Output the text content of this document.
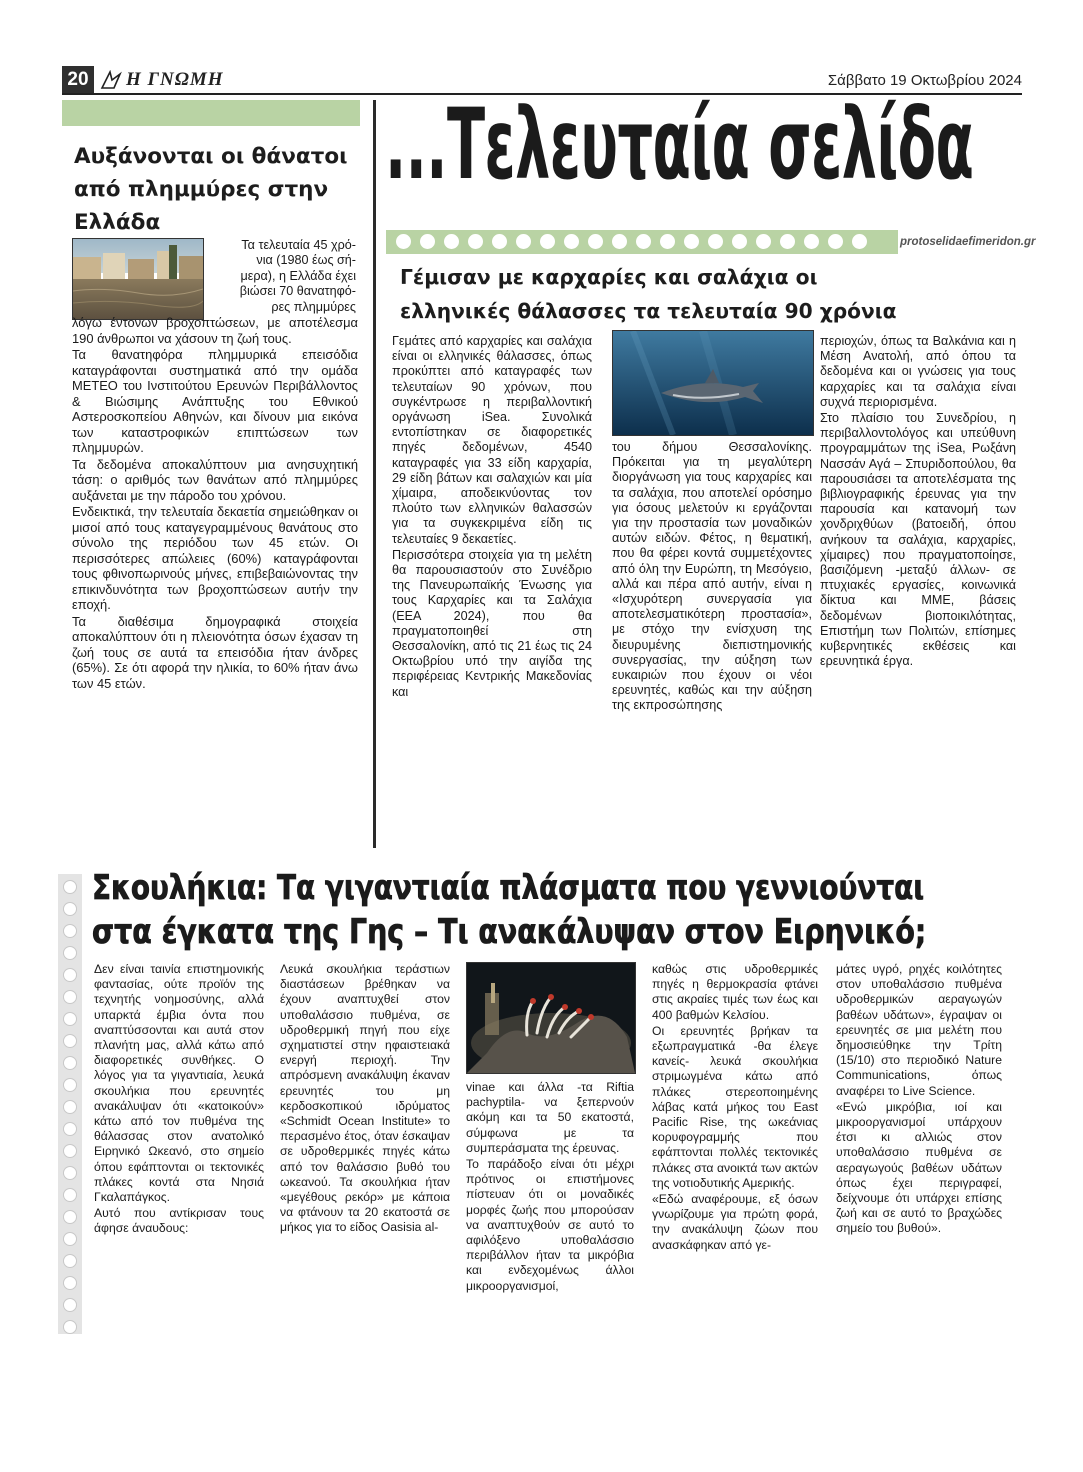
20 Η ΓΝΩΜΗ	Σάββατο 19 Οκτωβρίου 2024
Αυξάνονται οι θάνατοι
από πλημμύρες στην
Ελλάδα
Τα τελευταία 45 χρό-
νια (1980 έως σή-
μερα), η Ελλάδα έχει
βιώσει 70 θανατηφό-
ρες πλημμύρες

λόγω έντονων βροχοπτώσεων, με αποτέλεσμα 190 άνθρωποι να χάσουν τη ζωή τους.

Τα θανατηφόρα πλημμυρικά επεισόδια καταγράφονται συστηματικά από την ομάδα ΜΕΤΕΟ του Ινστιτούτου Ερευνών Περιβάλλοντος & Βιώσιμης Ανάπτυξης του Εθνικού Αστεροσκοπείου Αθηνών, και δίνουν μια εικόνα των καταστροφικών επιπτώσεων των πλημμυρών.

Τα δεδομένα αποκαλύπτουν μια ανησυχητική τάση: ο αριθμός των θανάτων από πλημμύρες αυξάνεται με την πάροδο του χρόνου.

Ενδεικτικά, την τελευταία δεκαετία σημειώθηκαν οι μισοί από τους καταγεγραμμένους θανάτους στο σύνολο της περιόδου των 45 ετών. Οι περισσότερες απώλειες (60%) καταγράφονται τους φθινοπωρινούς μήνες, επιβεβαιώνοντας την επικινδυνότητα των βροχοπτώσεων αυτήν την εποχή.

Τα διαθέσιμα δημογραφικά στοιχεία αποκαλύπτουν ότι η πλειονότητα όσων έχασαν τη ζωή τους σε αυτά τα επεισόδια ήταν άνδρες (65%). Σε ότι αφορά την ηλικία, το 60% ήταν άνω των 45 ετών.

...Τελευταία σελίδα
protoselidaefimeridon.gr
Γέμισαν με καρχαρίες και σαλάχια οι
ελληνικές θάλασσες τα τελευταία 90 χρόνια

Γεμάτες από καρχαρίες και σαλάχια είναι οι ελληνικές θάλασσες, όπως προκύπτει από καταγραφές των τελευταίων 90 χρόνων, που συγκέντρωσε η περιβαλλοντική οργάνωση iSea. Συνολικά εντοπίστηκαν σε διαφορετικές πηγές δεδομένων, 4540 καταγραφές για 33 είδη καρχαρία, 29 είδη βάτων και σαλαχιών και μία χίμαιρα, αποδεικνύοντας τον πλούτο των ελληνικών θαλασσών για τα συγκεκριμένα είδη τις τελευταίες 9 δεκαετίες.

Περισσότερα στοιχεία για τη μελέτη θα παρουσιαστούν στο Συνέδριο της Πανευρωπαϊκής Ένωσης για τους Καρχαρίες και τα Σαλάχια (EEA 2024), που θα πραγματοποιηθεί στη Θεσσαλονίκη, από τις 21 έως τις 24 Οκτωβρίου υπό την αιγίδα της περιφέρειας Κεντρικής Μακεδονίας και

του δήμου Θεσσαλονίκης. Πρόκειται για τη μεγαλύτερη διοργάνωση για τους καρχαρίες και τα σαλάχια, που αποτελεί ορόσημο για όσους μελετούν κι εργάζονται για την προστασία των μοναδικών αυτών ειδών. Φέτος, η θεματική, που θα φέρει κοντά συμμετέχοντες από όλη την Ευρώπη, τη Μεσόγειο, αλλά και πέρα από αυτήν, είναι η «Ισχυρότερη συνεργασία για αποτελεσματικότερη προστασία», με στόχο την ενίσχυση της διευρυμένης διεπιστημονικής συνεργασίας, την αύξηση των ευκαιριών που έχουν οι νέοι ερευνητές, καθώς και την αύξηση της εκπροσώπησης

περιοχών, όπως τα Βαλκάνια και η Μέση Ανατολή, από όπου τα δεδομένα και οι γνώσεις για τους καρχαρίες και τα σαλάχια είναι συχνά περιορισμένα.

Στο πλαίσιο του Συνεδρίου, η περιβαλλοντολόγος και υπεύθυνη προγραμμάτων της iSea, Ρωξάνη Νασσάν Αγά – Σπυριδοπούλου, θα παρουσιάσει τα αποτελέσματα της βιβλιογραφικής έρευνας για την παρουσία και κατανομή των χονδριχθύων (βατοειδή, όπου ανήκουν τα σαλάχια, καρχαρίες, χίμαιρες) που πραγματοποίησε, βασιζόμενη -μεταξύ άλλων- σε πτυχιακές εργασίες, κοινωνικά δίκτυα και ΜΜΕ, βάσεις δεδομένων βιοποικιλότητας, Επιστήμη των Πολιτών, επίσημες κυβερνητικές εκθέσεις και ερευνητικά έργα.

Σκουλήκια: Τα γιγαντιαία πλάσματα που γεννιούνται
στα έγκατα της Γης – Τι ανακάλυψαν στον Ειρηνικό;

Δεν είναι ταινία επιστημονικής φαντασίας, ούτε προϊόν της τεχνητής νοημοσύνης, αλλά υπαρκτά έμβια όντα που αναπτύσσονται και αυτά στον πλανήτη μας, αλλά κάτω από διαφορετικές συνθήκες. Ο λόγος για τα γιγαντιαία, λευκά σκουλήκια που ερευνητές ανακάλυψαν ότι «κατοικούν» κάτω από τον πυθμένα της θάλασσας στον ανατολικό Ειρηνικό Ωκεανό, στο σημείο όπου εφάπτονται οι τεκτονικές πλάκες κοντά στα Νησιά Γκαλαπάγκος.

Αυτό που αντίκρισαν τους άφησε άναυδους:

Λευκά σκουλήκια τεράστιων διαστάσεων βρέθηκαν να έχουν αναπτυχθεί στον υποθαλάσσιο πυθμένα, σε υδροθερμική πηγή που είχε σχηματιστεί στην ηφαιστειακά ενεργή περιοχή. Την απρόσμενη ανακάλυψη έκαναν ερευνητές του μη κερδοσκοπικού ιδρύματος «Schmidt Ocean Institute» το περασμένο έτος, όταν έσκαψαν σε υδροθερμικές πηγές κάτω από τον θαλάσσιο βυθό του ωκεανού. Τα σκουλήκια ήταν «μεγέθους ρεκόρ» με κάποια να φτάνουν τα 20 εκατοστά σε μήκος για το είδος Oasisia al-

vinae και άλλα -τα Riftia pachyptila- να ξεπερνούν ακόμη και τα 50 εκατοστά, σύμφωνα με τα συμπεράσματα της έρευνας.

Το παράδοξο είναι ότι μέχρι πρότινος οι επιστήμονες πίστευαν ότι οι μοναδικές μορφές ζωής που μπορούσαν να αναπτυχθούν σε αυτό το αφιλόξενο υποθαλάσσιο περιβάλλον ήταν τα μικρόβια και ενδεχομένως άλλοι μικροοργανισμοί,

καθώς στις υδροθερμικές πηγές η θερμοκρασία φτάνει στις ακραίες τιμές των έως και 400 βαθμών Κελσίου.

Οι ερευνητές βρήκαν τα εξωπραγματικά -θα έλεγε κανείς- λευκά σκουλήκια στριμωγμένα κάτω από πλάκες στερεοποιημένης λάβας κατά μήκος του East Pacific Rise, της ωκεάνιας κορυφογραμμής που εφάπτονται πολλές τεκτονικές πλάκες στα ανοικτά των ακτών της νοτιοδυτικής Αμερικής.

«Εδώ αναφέρουμε, εξ όσων γνωρίζουμε για πρώτη φορά, την ανακάλυψη ζώων που ανασκάφηκαν από γε-

μάτες υγρό, ρηχές κοιλότητες στον υποθαλάσσιο πυθμένα υδροθερμικών αεραγωγών βαθέων υδάτων», έγραψαν οι ερευνητές σε μια μελέτη που δημοσιεύθηκε την Τρίτη (15/10) στο περιοδικό Nature Communications, όπως αναφέρει το Live Science.

«Ενώ μικρόβια, ιοί και μικροοργανισμοί υπάρχουν έτσι κι αλλιώς στον υποθαλάσσιο πυθμένα σε αεραγωγούς βαθέων υδάτων όπως έχει περιγραφεί, δείχνουμε ότι υπάρχει επίσης ζωή και σε αυτό το βραχώδες σημείο του βυθού».
